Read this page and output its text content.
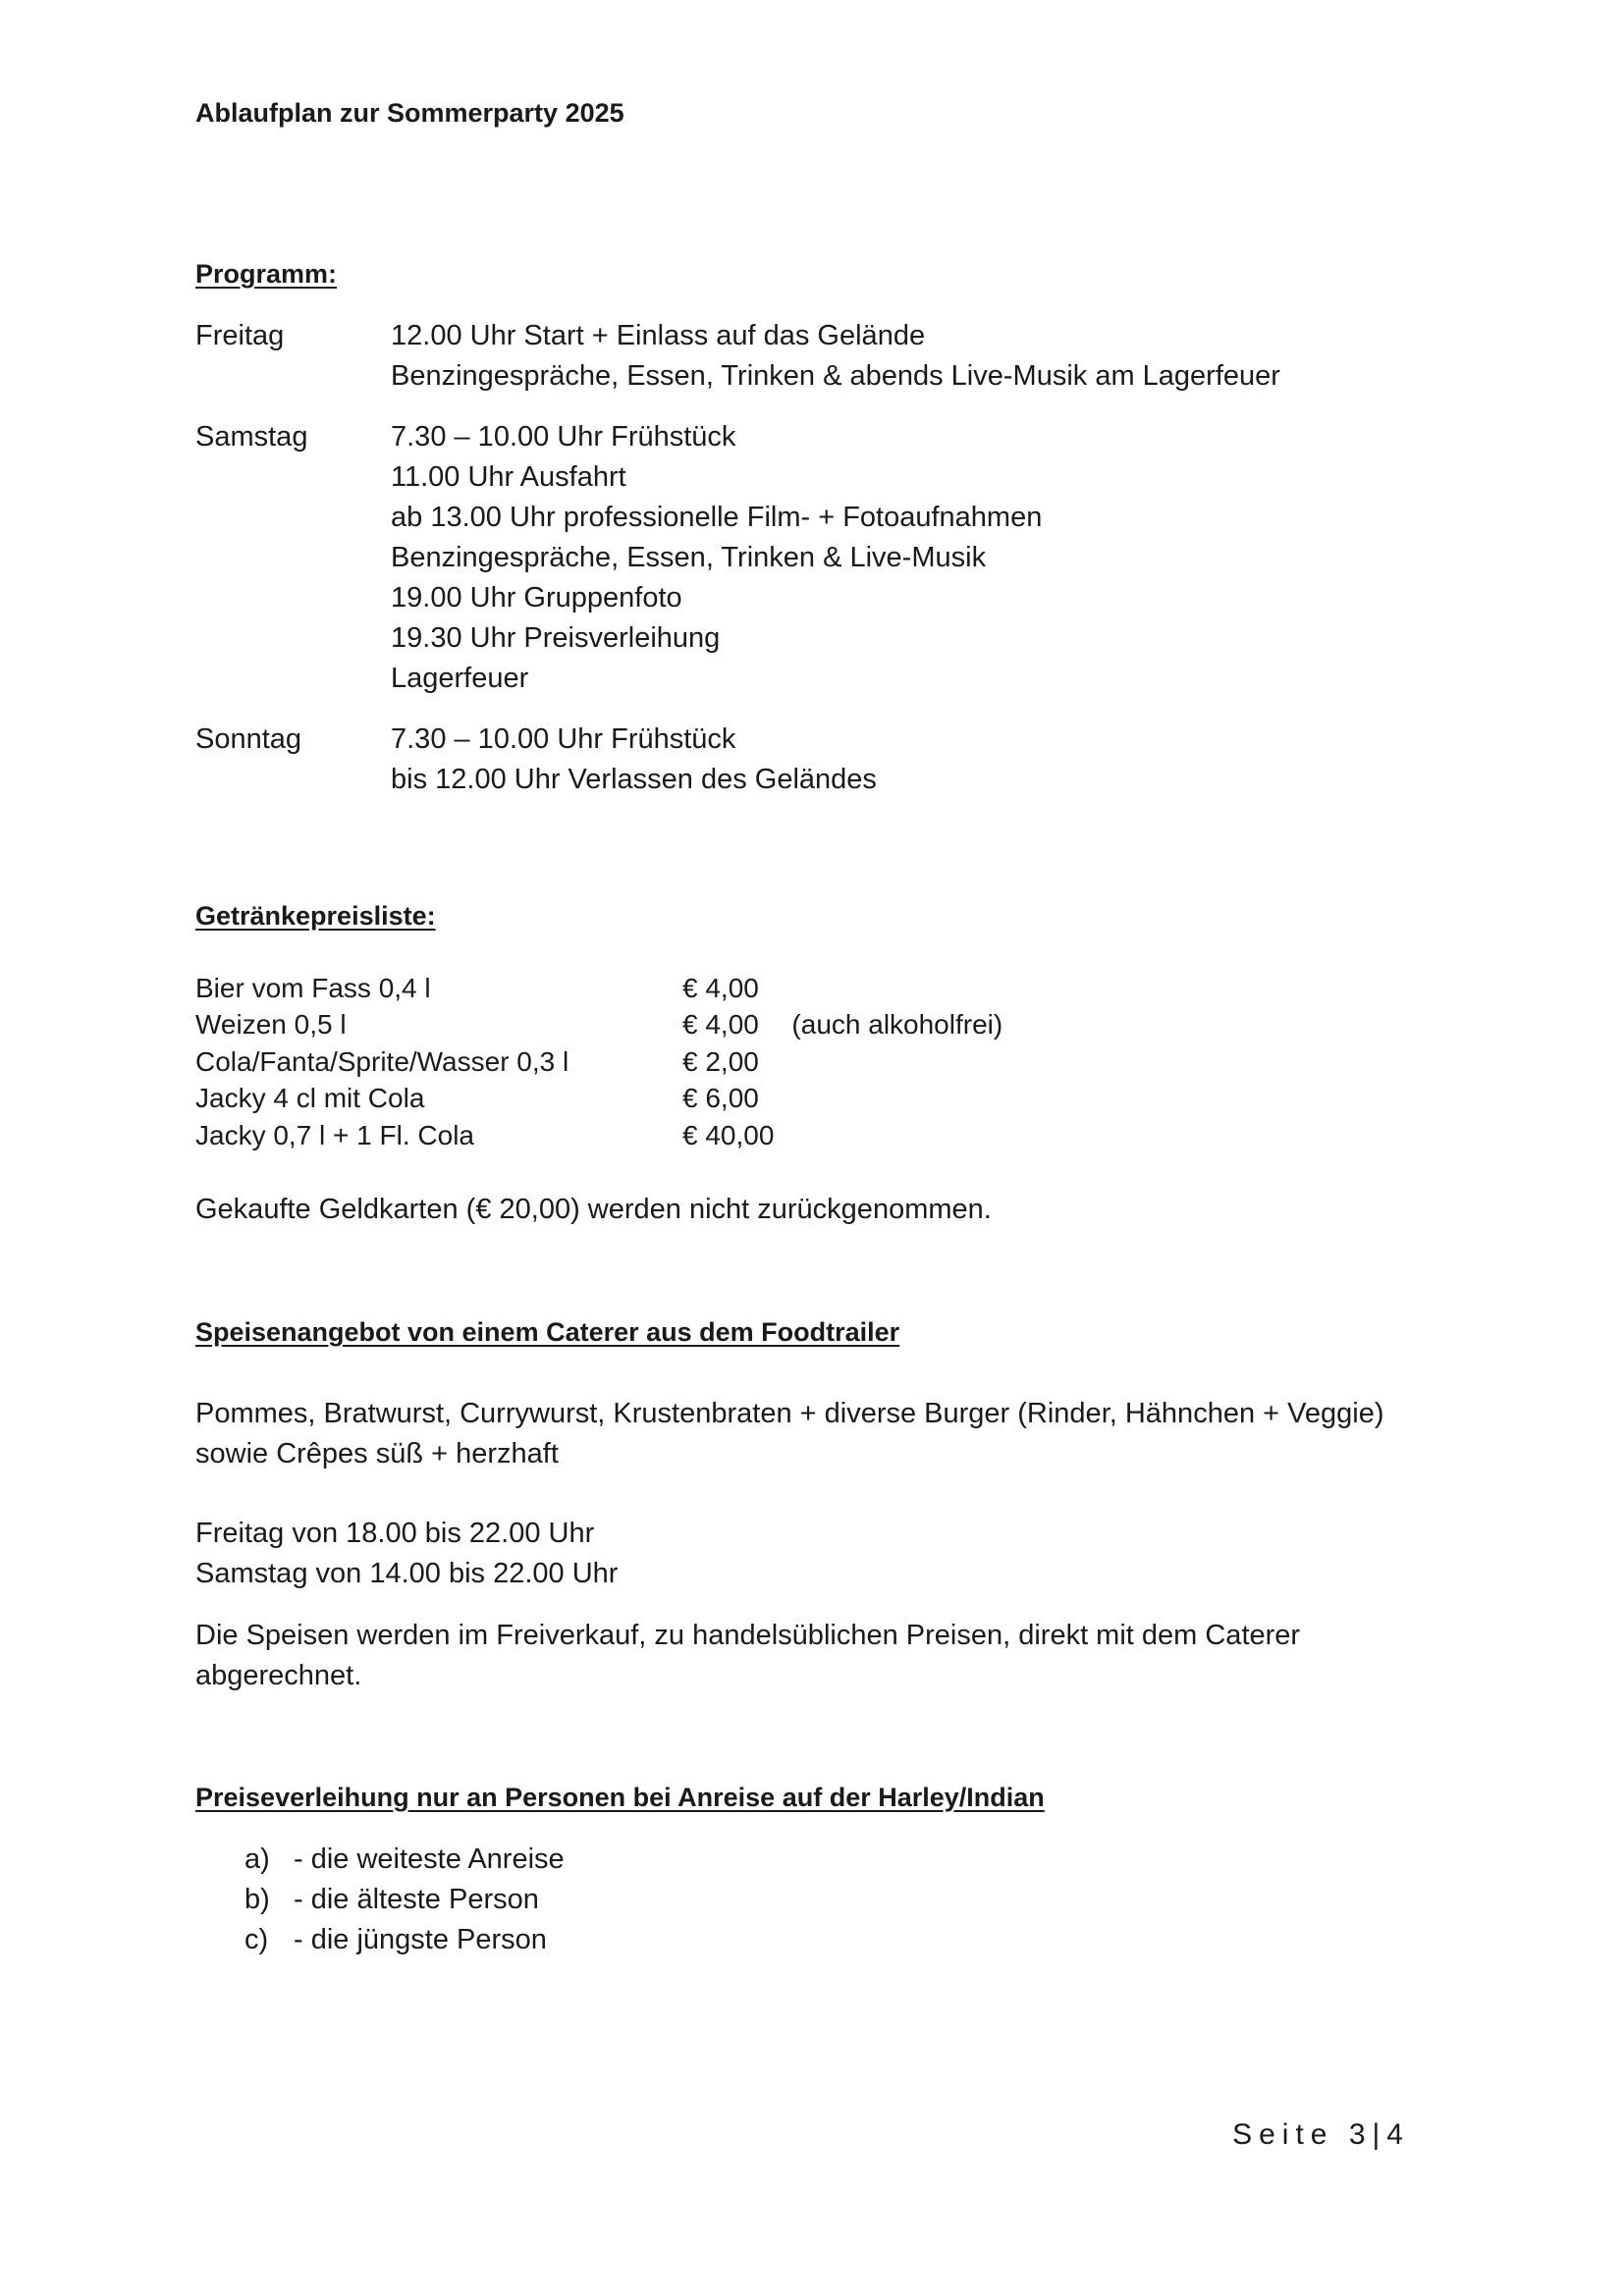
Ablaufplan zur Sommerparty 2025
Programm:
Freitag	12.00 Uhr Start + Einlass auf das Gelände
Benzingespräche, Essen, Trinken & abends Live-Musik am Lagerfeuer
Samstag	7.30 – 10.00 Uhr Frühstück
11.00 Uhr Ausfahrt
ab 13.00 Uhr professionelle Film- + Fotoaufnahmen
Benzingespräche, Essen, Trinken & Live-Musik
19.00 Uhr Gruppenfoto
19.30 Uhr Preisverleihung
Lagerfeuer
Sonntag	7.30 – 10.00 Uhr Frühstück
bis 12.00 Uhr Verlassen des Geländes
Getränkepreisliste:
Bier vom Fass 0,4 l	€ 4,00	
Weizen 0,5 l	€ 4,00	(auch alkoholfrei)
Cola/Fanta/Sprite/Wasser 0,3 l	€ 2,00	
Jacky 4 cl mit Cola	€ 6,00	
Jacky 0,7 l + 1 Fl. Cola	€ 40,00	
Gekaufte Geldkarten (€ 20,00) werden nicht zurückgenommen.
Speisenangebot von einem Caterer aus dem Foodtrailer
Pommes, Bratwurst, Currywurst, Krustenbraten + diverse Burger (Rinder, Hähnchen + Veggie)
sowie Crêpes süß + herzhaft
Freitag von 18.00 bis 22.00 Uhr
Samstag von 14.00 bis 22.00 Uhr
Die Speisen werden im Freiverkauf, zu handelsüblichen Preisen, direkt mit dem Caterer
abgerechnet.
Preiseverleihung nur an Personen bei Anreise auf der Harley/Indian
a) - die weiteste Anreise
b) - die älteste Person
c) - die jüngste Person
Seite 3|4
